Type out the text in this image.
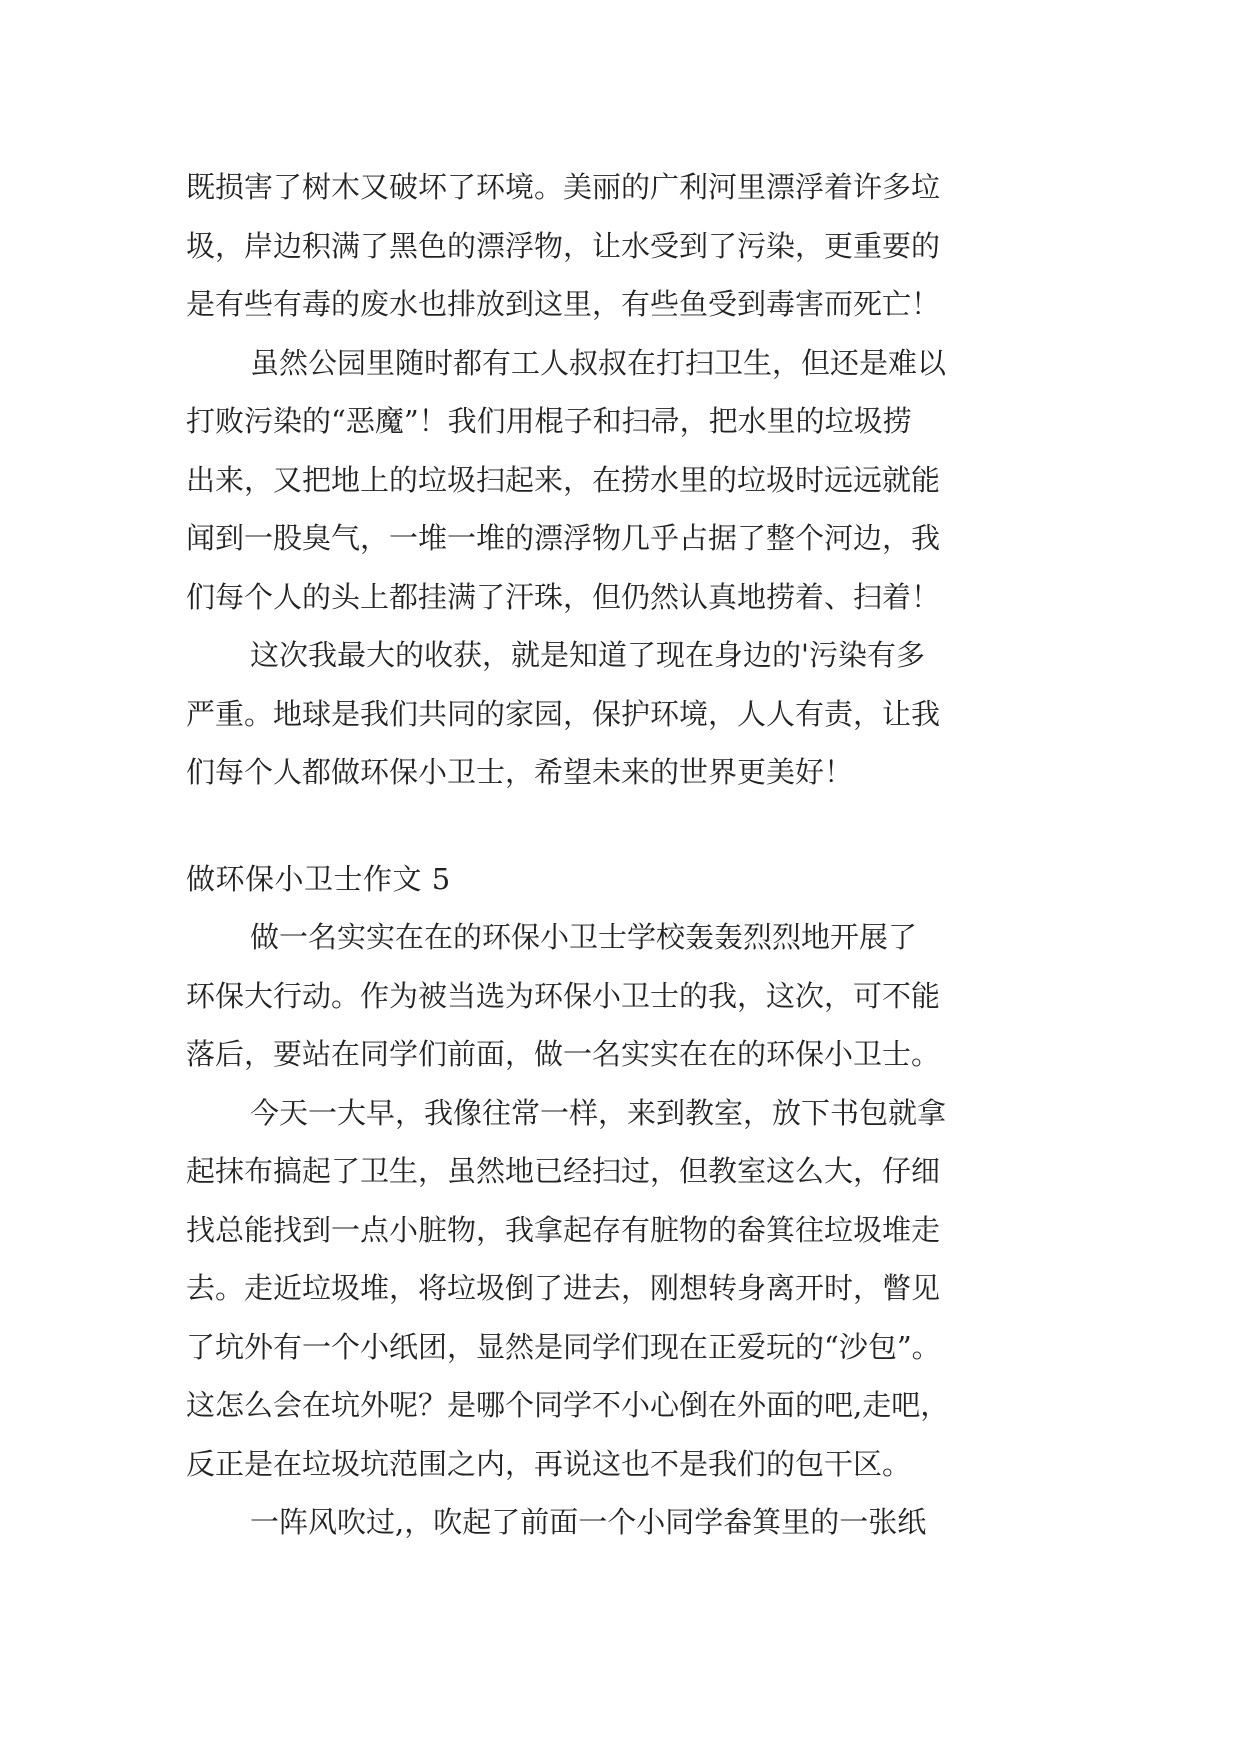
既损害了树木又破坏了环境。美丽的广利河里漂浮着许多垃
圾，岸边积满了黑色的漂浮物，让水受到了污染，更重要的
是有些有毒的废水也排放到这里，有些鱼受到毒害而死亡！
虽然公园里随时都有工人叔叔在打扫卫生，但还是难以
打败污染的“恶魔”！我们用棍子和扫帚，把水里的垃圾捞
出来，又把地上的垃圾扫起来，在捞水里的垃圾时远远就能
闻到一股臭气，一堆一堆的漂浮物几乎占据了整个河边，我
们每个人的头上都挂满了汗珠，但仍然认真地捞着、扫着！
这次我最大的收获，就是知道了现在身边的'污染有多
严重。地球是我们共同的家园，保护环境，人人有责，让我
们每个人都做环保小卫士，希望未来的世界更美好！
做环保小卫士作文 5
做一名实实在在的环保小卫士学校轰轰烈烈地开展了
环保大行动。作为被当选为环保小卫士的我，这次，可不能
落后，要站在同学们前面，做一名实实在在的环保小卫士。
今天一大早，我像往常一样，来到教室，放下书包就拿
起抹布搞起了卫生，虽然地已经扫过，但教室这么大，仔细
找总能找到一点小脏物，我拿起存有脏物的畚箕往垃圾堆走
去。走近垃圾堆，将垃圾倒了进去，刚想转身离开时，瞥见
了坑外有一个小纸团，显然是同学们现在正爱玩的“沙包”。
这怎么会在坑外呢？是哪个同学不小心倒在外面的吧,走吧，
反正是在垃圾坑范围之内，再说这也不是我们的包干区。
一阵风吹过,，吹起了前面一个小同学畚箕里的一张纸
